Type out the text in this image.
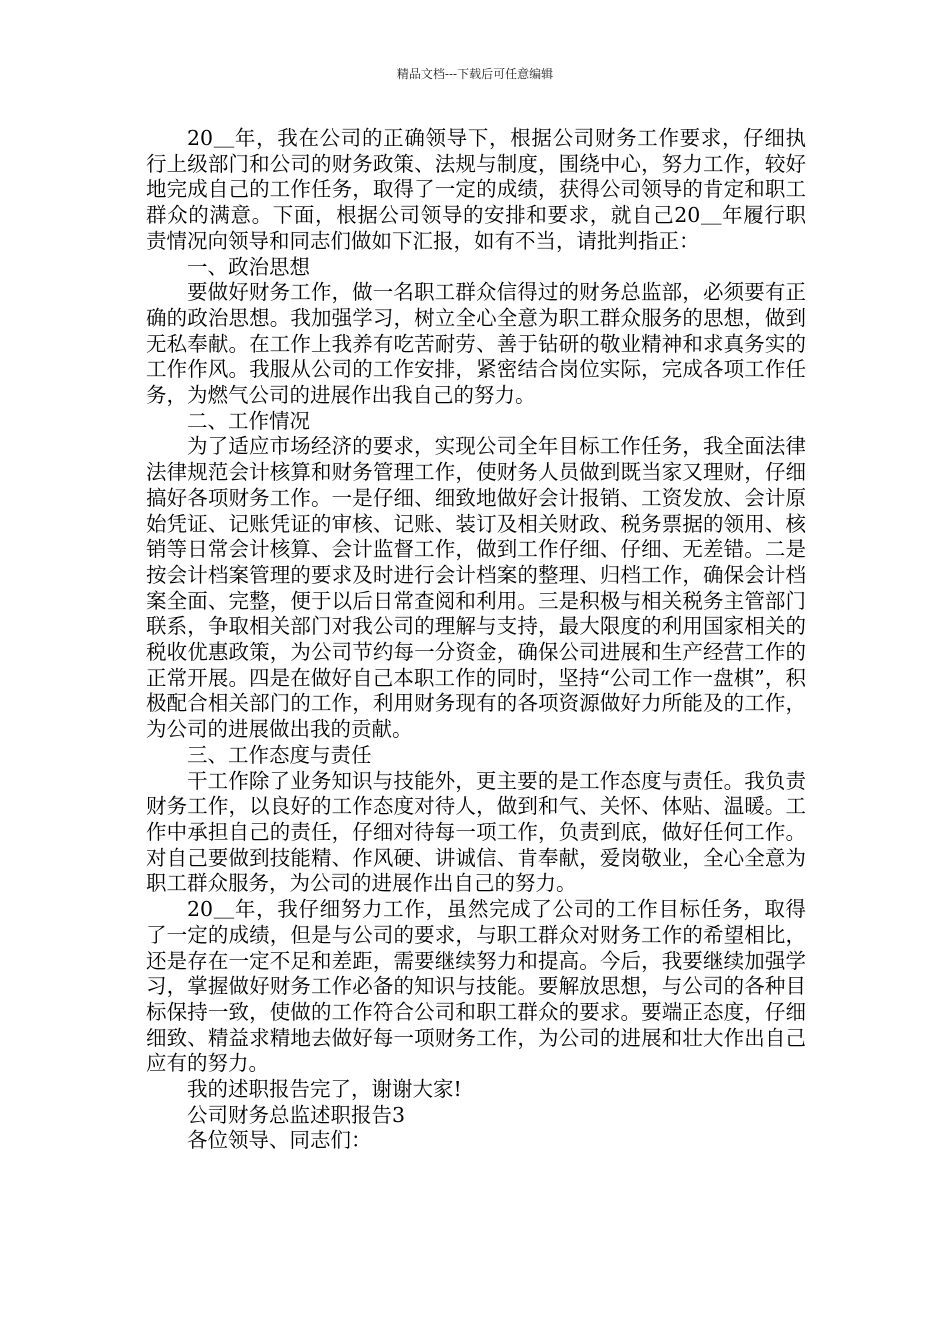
精品文档---下载后可任意编辑

20＿年，我在公司的正确领导下，根据公司财务工作要求，仔细执行上级部门和公司的财务政策、法规与制度，围绕中心，努力工作，较好地完成自己的工作任务，取得了一定的成绩，获得公司领导的肯定和职工群众的满意。下面，根据公司领导的安排和要求，就自己20＿年履行职责情况向领导和同志们做如下汇报，如有不当，请批判指正：

一、政治思想

要做好财务工作，做一名职工群众信得过的财务总监部，必须要有正确的政治思想。我加强学习，树立全心全意为职工群众服务的思想，做到无私奉献。在工作上我养有吃苦耐劳、善于钻研的敬业精神和求真务实的工作作风。我服从公司的工作安排，紧密结合岗位实际，完成各项工作任务，为燃气公司的进展作出我自己的努力。

二、工作情况

为了适应市场经济的要求，实现公司全年目标工作任务，我全面法律法律规范会计核算和财务管理工作，使财务人员做到既当家又理财，仔细搞好各项财务工作。一是仔细、细致地做好会计报销、工资发放、会计原始凭证、记账凭证的审核、记账、装订及相关财政、税务票据的领用、核销等日常会计核算、会计监督工作，做到工作仔细、仔细、无差错。二是按会计档案管理的要求及时进行会计档案的整理、归档工作，确保会计档案全面、完整，便于以后日常查阅和利用。三是积极与相关税务主管部门联系，争取相关部门对我公司的理解与支持，最大限度的利用国家相关的税收优惠政策，为公司节约每一分资金，确保公司进展和生产经营工作的正常开展。四是在做好自己本职工作的同时，坚持“公司工作一盘棋”，积极配合相关部门的工作，利用财务现有的各项资源做好力所能及的工作，为公司的进展做出我的贡献。

三、工作态度与责任

干工作除了业务知识与技能外，更主要的是工作态度与责任。我负责财务工作，以良好的工作态度对待人，做到和气、关怀、体贴、温暖。工作中承担自己的责任，仔细对待每一项工作，负责到底，做好任何工作。对自己要做到技能精、作风硬、讲诚信、肯奉献，爱岗敬业，全心全意为职工群众服务，为公司的进展作出自己的努力。

20＿年，我仔细努力工作，虽然完成了公司的工作目标任务，取得了一定的成绩，但是与公司的要求，与职工群众对财务工作的希望相比，还是存在一定不足和差距，需要继续努力和提高。今后，我要继续加强学习，掌握做好财务工作必备的知识与技能。要解放思想，与公司的各种目标保持一致，使做的工作符合公司和职工群众的要求。要端正态度，仔细细致、精益求精地去做好每一项财务工作，为公司的进展和壮大作出自己应有的努力。

我的述职报告完了，谢谢大家!

公司财务总监述职报告3

各位领导、同志们：
